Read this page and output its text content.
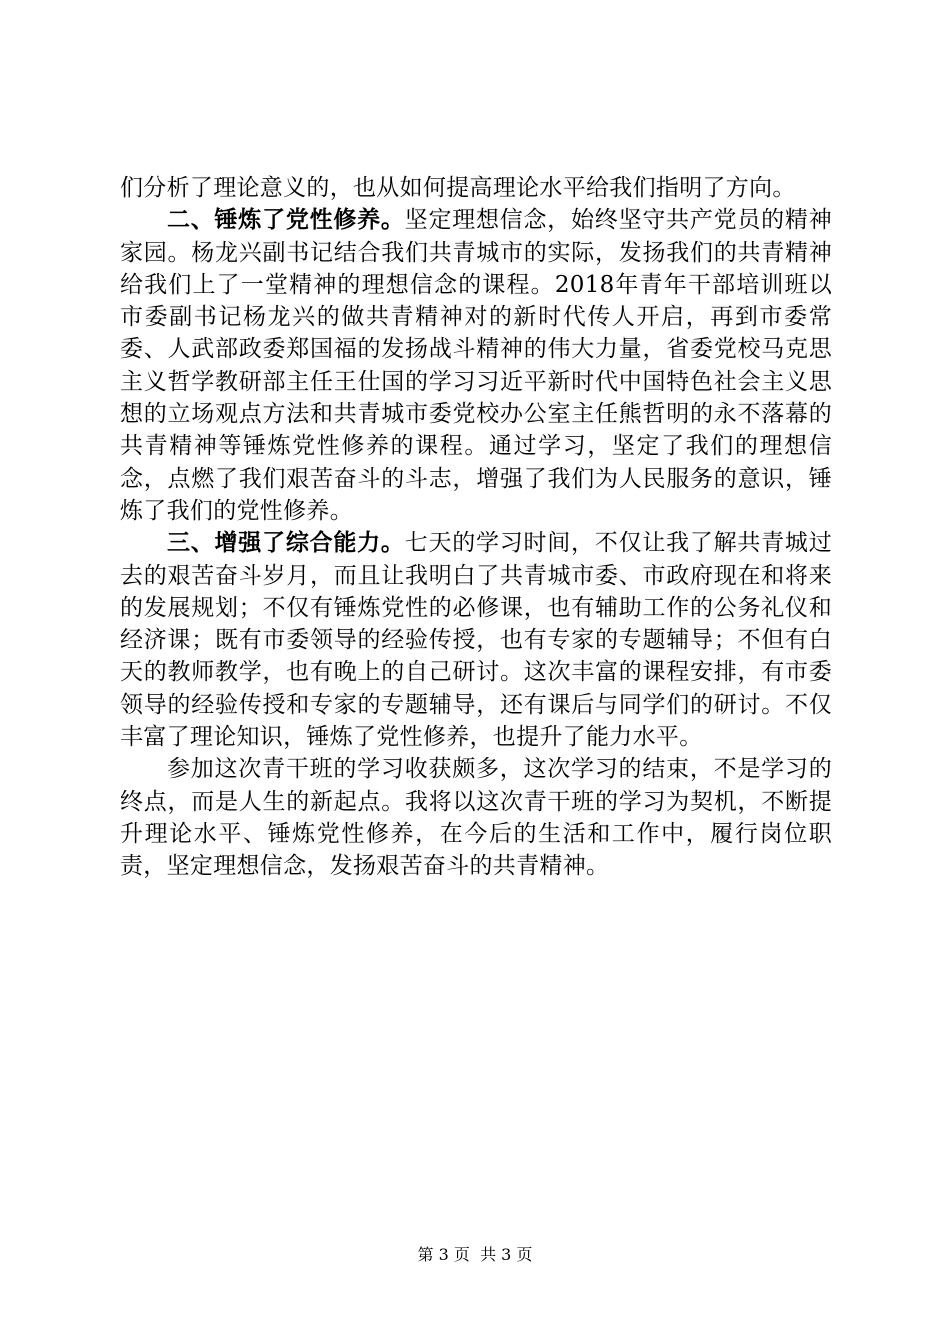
们分析了理论意义的，也从如何提高理论水平给我们指明了方向。

二、锤炼了党性修养。坚定理想信念，始终坚守共产党员的精神家园。杨龙兴副书记结合我们共青城市的实际，发扬我们的共青精神给我们上了一堂精神的理想信念的课程。2018年青年干部培训班以市委副书记杨龙兴的做共青精神对的新时代传人开启，再到市委常委、人武部政委郑国福的发扬战斗精神的伟大力量，省委党校马克思主义哲学教研部主任王仕国的学习习近平新时代中国特色社会主义思想的立场观点方法和共青城市委党校办公室主任熊哲明的永不落幕的共青精神等锤炼党性修养的课程。通过学习，坚定了我们的理想信念，点燃了我们艰苦奋斗的斗志，增强了我们为人民服务的意识，锤炼了我们的党性修养。

三、增强了综合能力。七天的学习时间，不仅让我了解共青城过去的艰苦奋斗岁月，而且让我明白了共青城市委、市政府现在和将来的发展规划；不仅有锤炼党性的必修课，也有辅助工作的公务礼仪和经济课；既有市委领导的经验传授，也有专家的专题辅导；不但有白天的教师教学，也有晚上的自己研讨。这次丰富的课程安排，有市委领导的经验传授和专家的专题辅导，还有课后与同学们的研讨。不仅丰富了理论知识，锤炼了党性修养，也提升了能力水平。

参加这次青干班的学习收获颇多，这次学习的结束，不是学习的终点，而是人生的新起点。我将以这次青干班的学习为契机，不断提升理论水平、锤炼党性修养，在今后的生活和工作中，履行岗位职责，坚定理想信念，发扬艰苦奋斗的共青精神。

第 3 页  共 3 页
